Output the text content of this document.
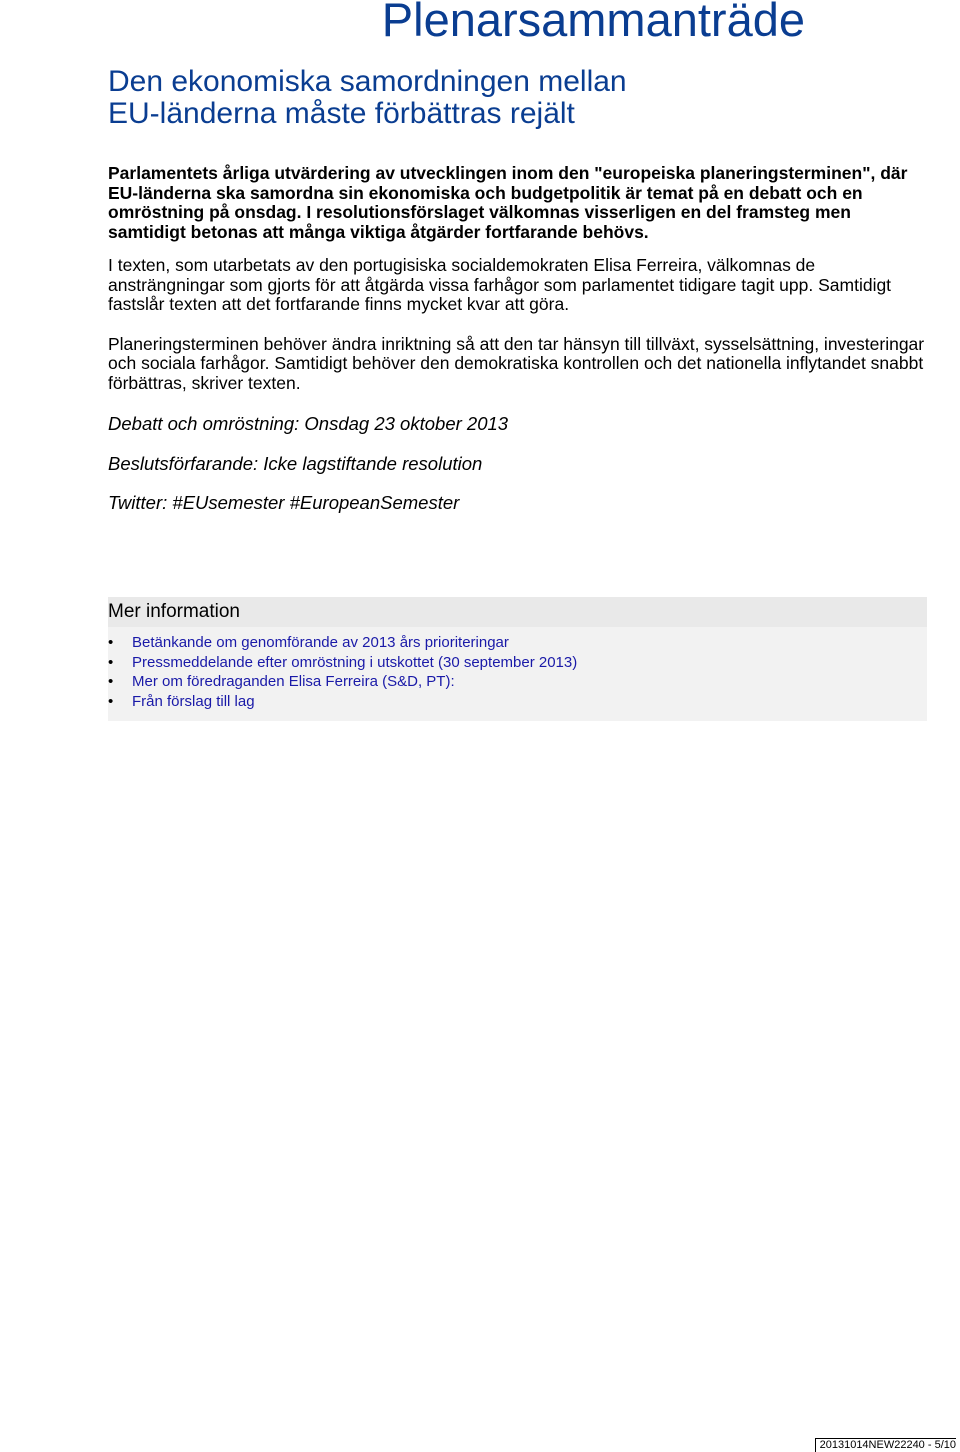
Plenarsammanträde
Den ekonomiska samordningen mellan
EU-länderna måste förbättras rejält

Parlamentets årliga utvärdering av utvecklingen inom den "europeiska planeringsterminen", där EU-länderna ska samordna sin ekonomiska och budgetpolitik är temat på en debatt och en omröstning på onsdag. I resolutionsförslaget välkomnas visserligen en del framsteg men samtidigt betonas att många viktiga åtgärder fortfarande behövs.

I texten, som utarbetats av den portugisiska socialdemokraten Elisa Ferreira, välkomnas de ansträngningar som gjorts för att åtgärda vissa farhågor som parlamentet tidigare tagit upp. Samtidigt fastslår texten att det fortfarande finns mycket kvar att göra.

Planeringsterminen behöver ändra inriktning så att den tar hänsyn till tillväxt, sysselsättning, investeringar och sociala farhågor. Samtidigt behöver den demokratiska kontrollen och det nationella inflytandet snabbt förbättras, skriver texten.

Debatt och omröstning: Onsdag 23 oktober 2013

Beslutsförfarande: Icke lagstiftande resolution

Twitter: #EUsemester #EuropeanSemester

Mer information
• Betänkande om genomförande av 2013 års prioriteringar
• Pressmeddelande efter omröstning i utskottet (30 september 2013)
• Mer om föredraganden Elisa Ferreira (S&D, PT):
• Från förslag till lag
20131014NEW22240 - 5/10
